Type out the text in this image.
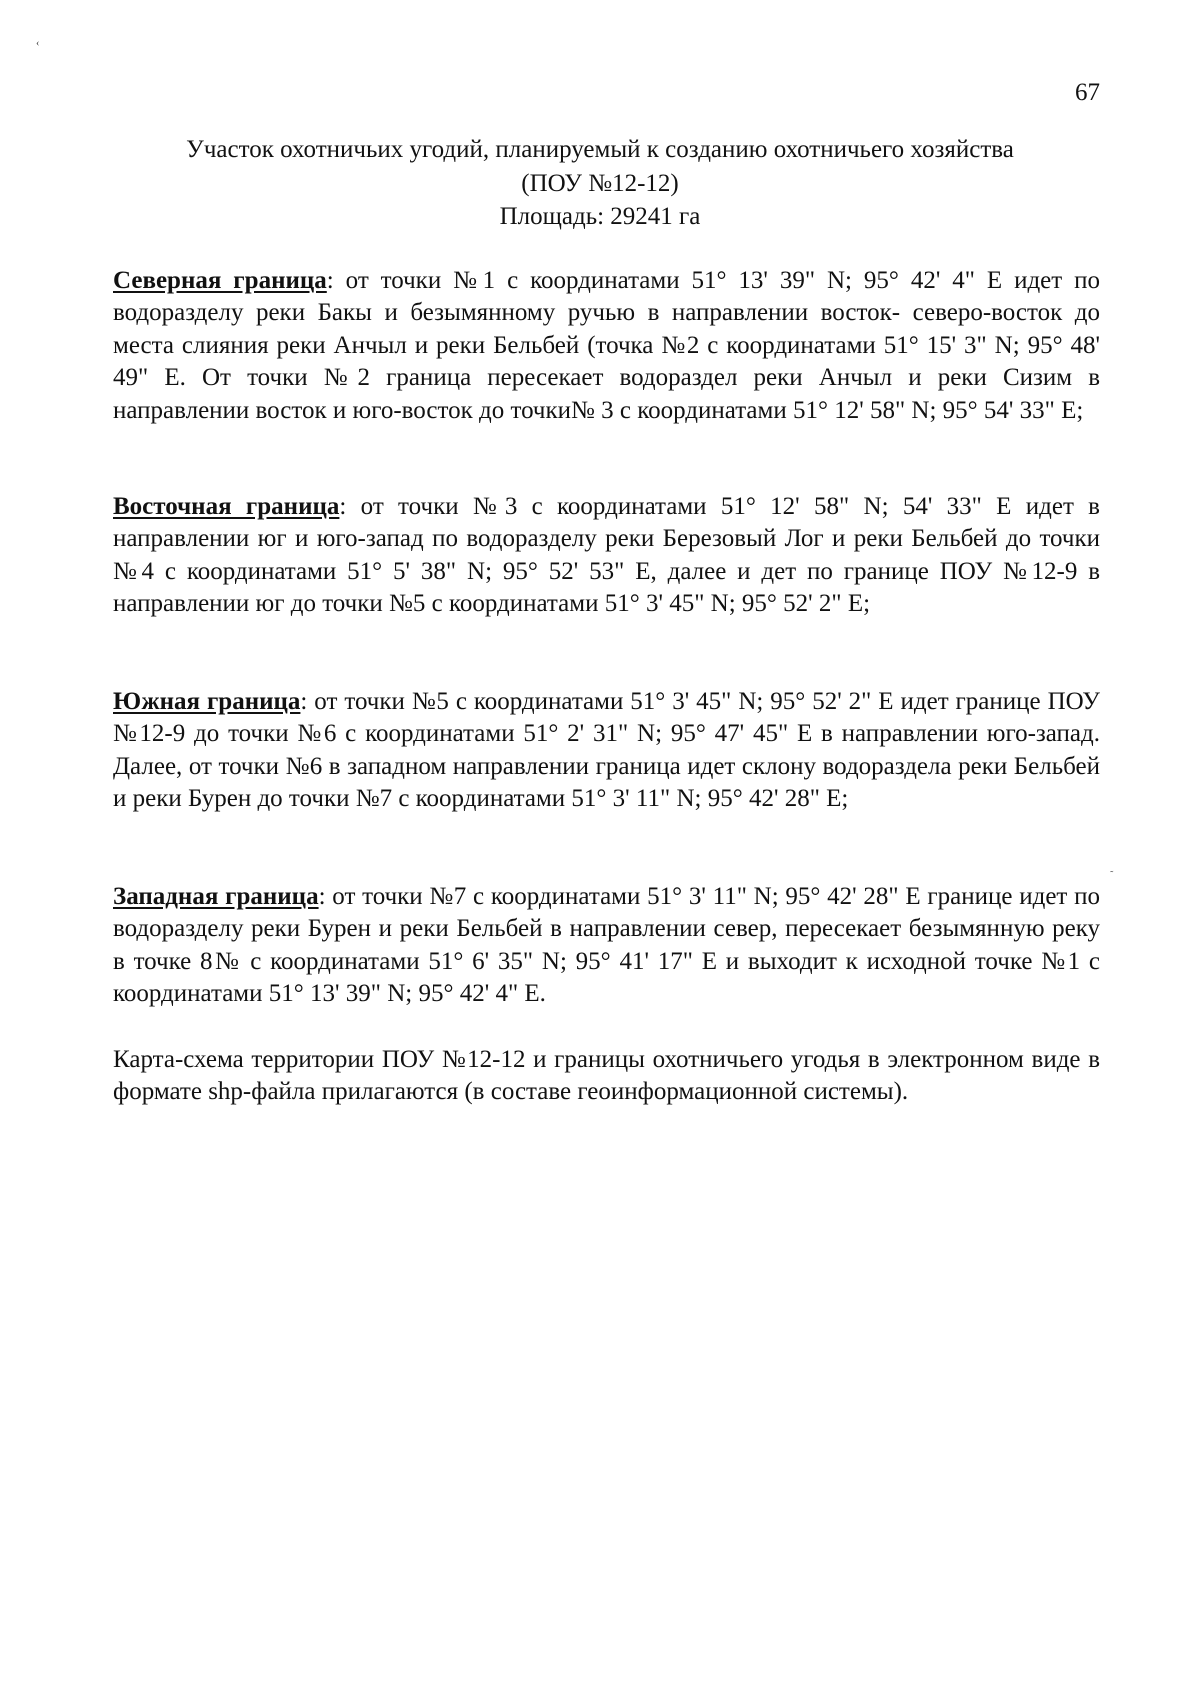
‹
˜
67
Участок охотничьих угодий, планируемый к созданию охотничьего хозяйства
(ПОУ №12-12)
Площадь: 29241 га
Северная граница: от точки №1 с координатами 51° 13' 39" N; 95° 42' 4" E идет по водоразделу реки Бакы и безымянному ручью в направлении восток- северо-восток до места слияния реки Анчыл и реки Бельбей (точка №2 с координатами 51° 15' 3" N; 95° 48' 49" E. От точки №2 граница пересекает водораздел реки Анчыл и реки Сизим в направлении восток и юго-восток до точки№ 3 с координатами 51° 12' 58" N; 95° 54' 33" E;
Восточная граница: от точки №3 с координатами 51° 12' 58" N; 54' 33" E идет в направлении юг и юго-запад по водоразделу реки Березовый Лог и реки Бельбей до точки №4 с координатами 51° 5' 38" N; 95° 52' 53" E, далее и дет по границе ПОУ №12-9 в направлении юг до точки №5 с координатами 51° 3' 45" N; 95° 52' 2" E;
Южная граница: от точки №5 с координатами 51° 3' 45" N; 95° 52' 2" E идет границе ПОУ №12-9 до точки №6 с координатами 51° 2' 31" N; 95° 47' 45" E в направлении юго-запад. Далее, от точки №6 в западном направлении граница идет склону водораздела реки Бельбей и реки Бурен до точки №7 с координатами 51° 3' 11" N; 95° 42' 28" E;
Западная граница: от точки №7 с координатами 51° 3' 11" N; 95° 42' 28" E границе идет по водоразделу реки Бурен и реки Бельбей в направлении север, пересекает безымянную реку в точке 8№ с координатами 51° 6' 35" N; 95° 41' 17" E и выходит к исходной точке №1 с координатами 51° 13' 39" N; 95° 42' 4" E.
Карта-схема территории ПОУ №12-12 и границы охотничьего угодья в электронном виде в формате shp-файла прилагаются (в составе геоинформационной системы).
